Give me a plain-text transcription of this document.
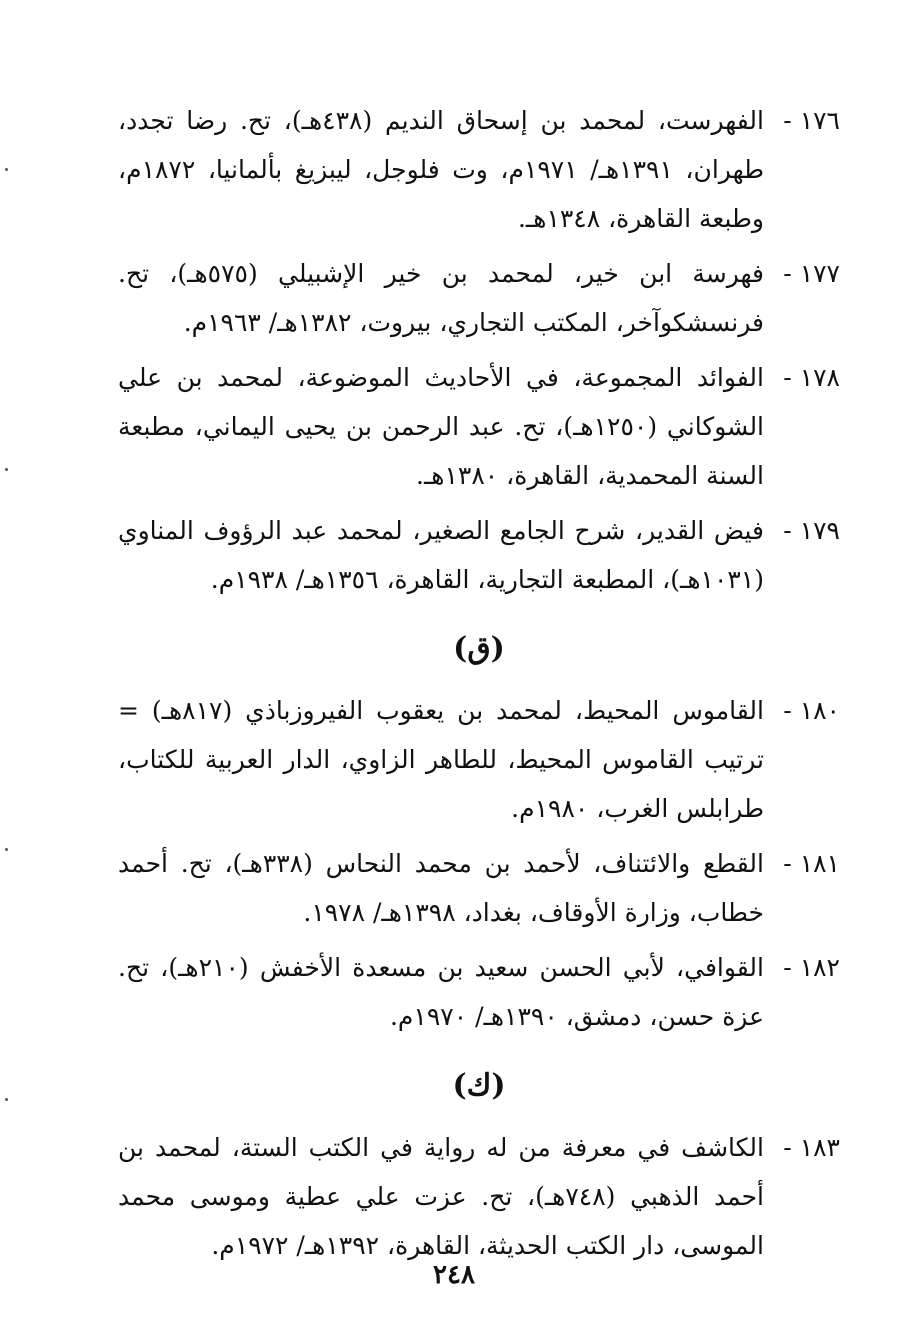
١٧٦ -
الفهرست، لمحمد بن إسحاق النديم (٤٣٨هـ)، تح. رضا تجدد، طهران، ١٣٩١هـ/ ١٩٧١م، وت فلوجل، ليبزيغ بألمانيا، ١٨٧٢م، وطبعة القاهرة، ١٣٤٨هـ.
١٧٧ -
فهرسة ابن خير، لمحمد بن خير الإشبيلي (٥٧٥هـ)، تح. فرنسشكوآخر، المكتب التجاري، بيروت، ١٣٨٢هـ/ ١٩٦٣م.
١٧٨ -
الفوائد المجموعة، في الأحاديث الموضوعة، لمحمد بن علي الشوكاني (١٢٥٠هـ)، تح. عبد الرحمن بن يحيى اليماني، مطبعة السنة المحمدية، القاهرة، ١٣٨٠هـ.
١٧٩ -
فيض القدير، شرح الجامع الصغير، لمحمد عبد الرؤوف المناوي (١٠٣١هـ)، المطبعة التجارية، القاهرة، ١٣٥٦هـ/ ١٩٣٨م.
(ق)
١٨٠ -
القاموس المحيط، لمحمد بن يعقوب الفيروزباذي (٨١٧هـ) = ترتيب القاموس المحيط، للطاهر الزاوي، الدار العربية للكتاب، طرابلس الغرب، ١٩٨٠م.
١٨١ -
القطع والائتناف، لأحمد بن محمد النحاس (٣٣٨هـ)، تح. أحمد خطاب، وزارة الأوقاف، بغداد، ١٣٩٨هـ/ ١٩٧٨.
١٨٢ -
القوافي، لأبي الحسن سعيد بن مسعدة الأخفش (٢١٠هـ)، تح. عزة حسن، دمشق، ١٣٩٠هـ/ ١٩٧٠م.
(ك)
١٨٣ -
الكاشف في معرفة من له رواية في الكتب الستة، لمحمد بن أحمد الذهبي (٧٤٨هـ)، تح. عزت علي عطية وموسى محمد الموسى، دار الكتب الحديثة، القاهرة، ١٣٩٢هـ/ ١٩٧٢م.
٢٤٨
